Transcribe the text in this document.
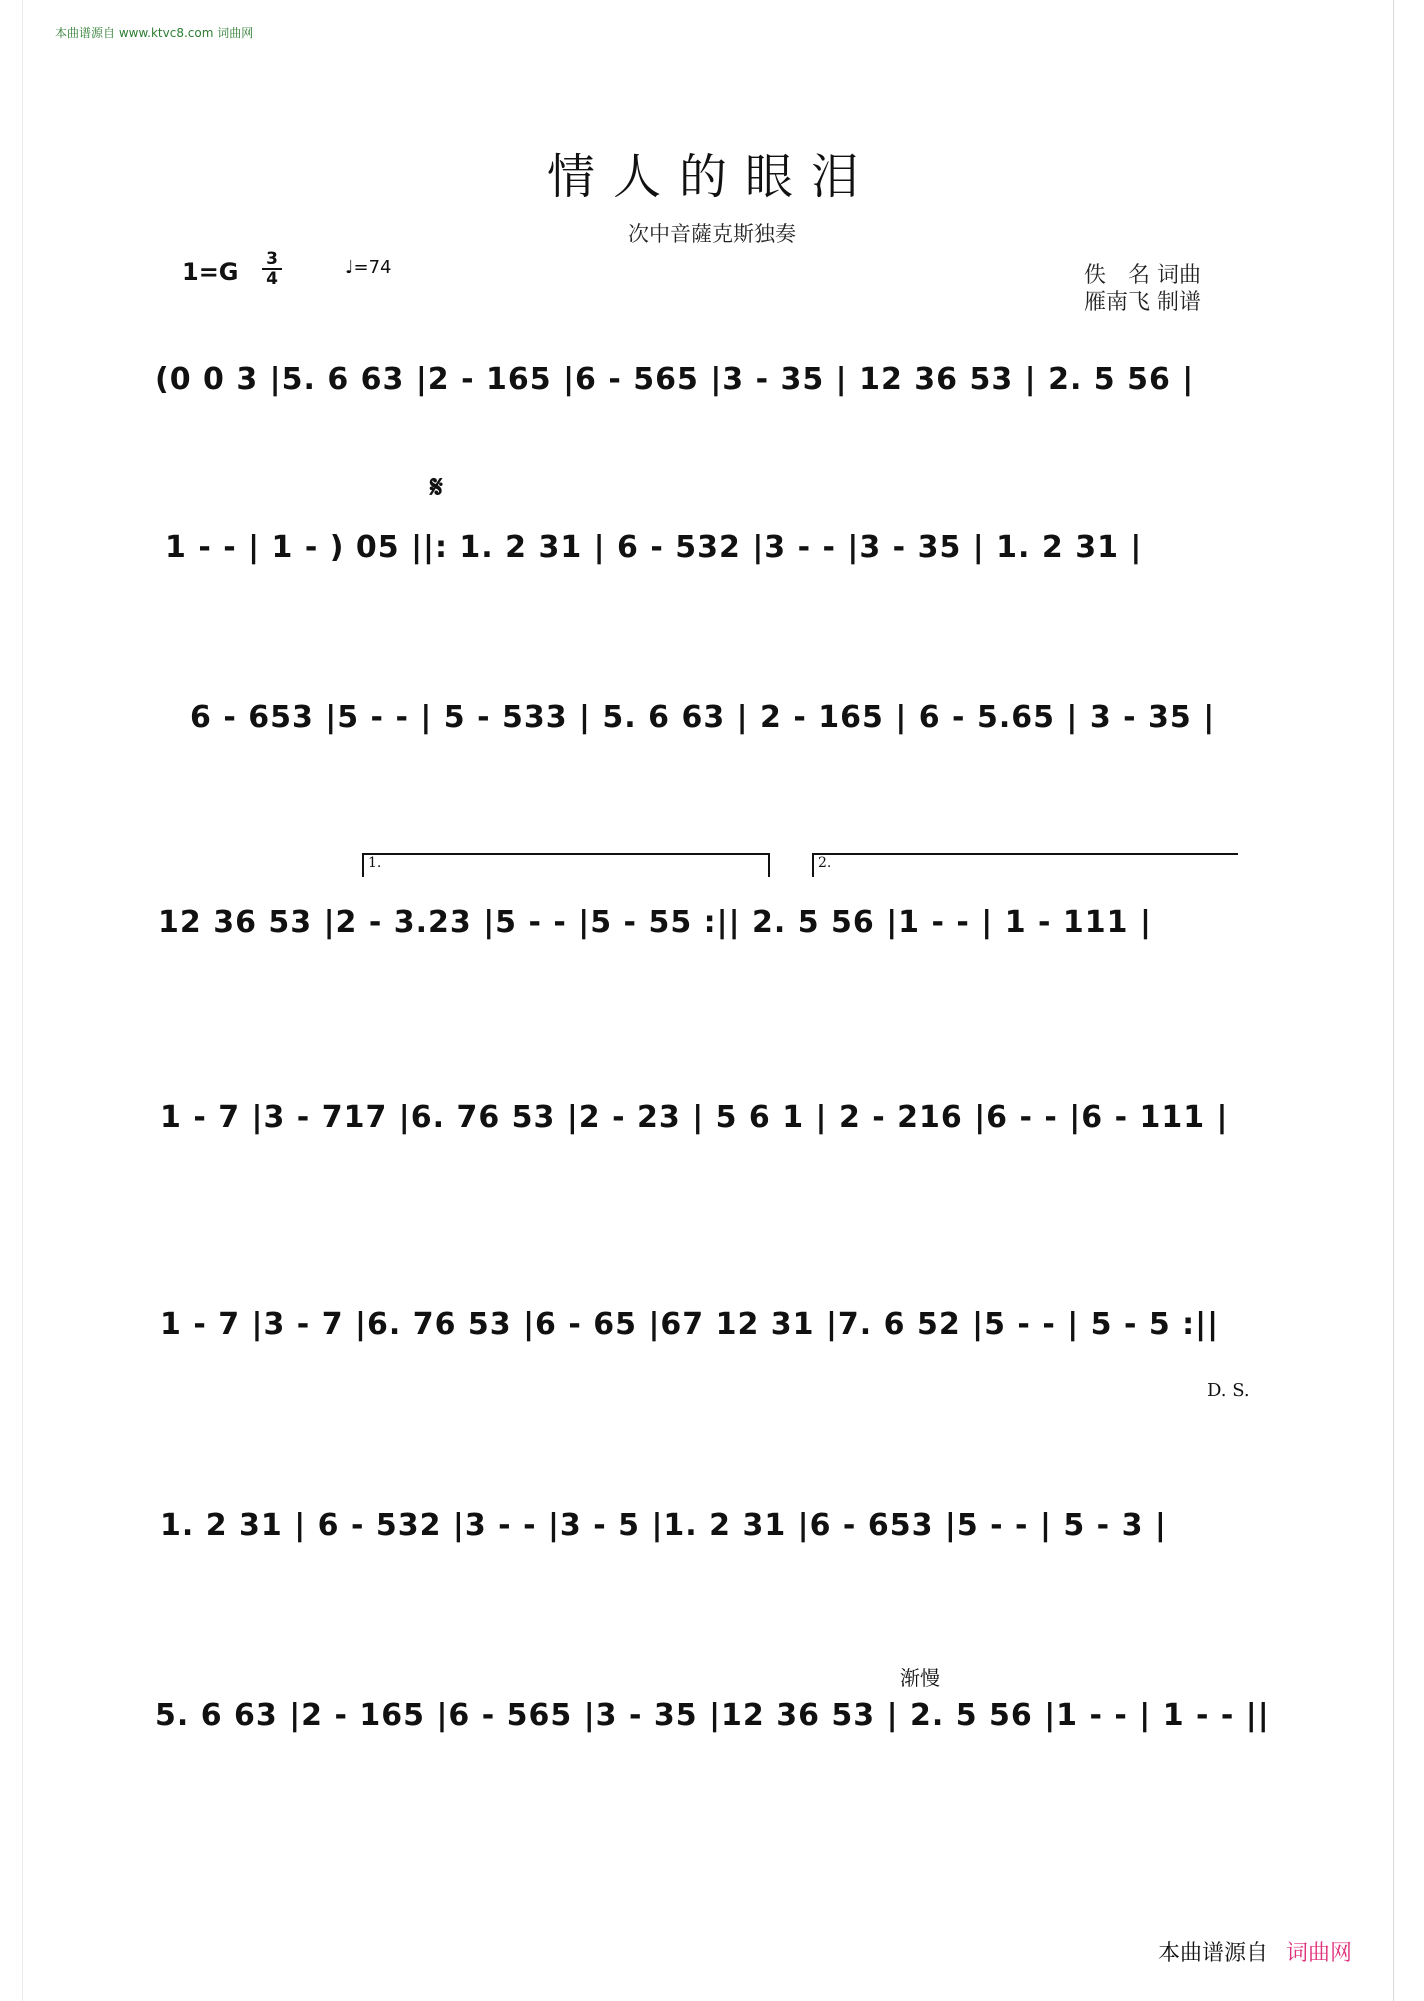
本曲谱源自 www.ktvc8.com 词曲网
情人的眼泪
次中音薩克斯独奏
$1=G \frac{3}{4}$	♩=74	佚　名 词曲
雁南飞 制谱
𝄋
1.	2.
D. S.
渐慢
(0 0 3 |5. 6 63 |2 - 165 |6 - 565 |3 - 35 | 12 36 53 | 2. 5 56 |
1 - - | 1 - ) 05 ||: 1. 2 31 | 6 - 532 |3 - - |3 - 35 | 1. 2 31 |
6 - 653 |5 - - | 5 - 533 | 5. 6 63 | 2 - 165 | 6 - 5.65 | 3 - 35 |
12 36 53 |2 - 3.23 |5 - - |5 - 55 :|| 2. 5 56 |1 - - | 1 - 111 |
1 - 7 |3 - 717 |6. 76 53 |2 - 23 | 5 6 1 | 2 - 216 |6 - - |6 - 111 |
1 - 7 |3 - 7 |6. 76 53 |6 - 65 |67 12 31 |7. 6 52 |5 - - | 5 - 5 :||
1. 2 31 | 6 - 532 |3 - - |3 - 5 |1. 2 31 |6 - 653 |5 - - | 5 - 3 |
5. 6 63 |2 - 165 |6 - 565 |3 - 35 |12 36 53 | 2. 5 56 |1 - - | 1 - - ||
本曲谱源自 词曲网
